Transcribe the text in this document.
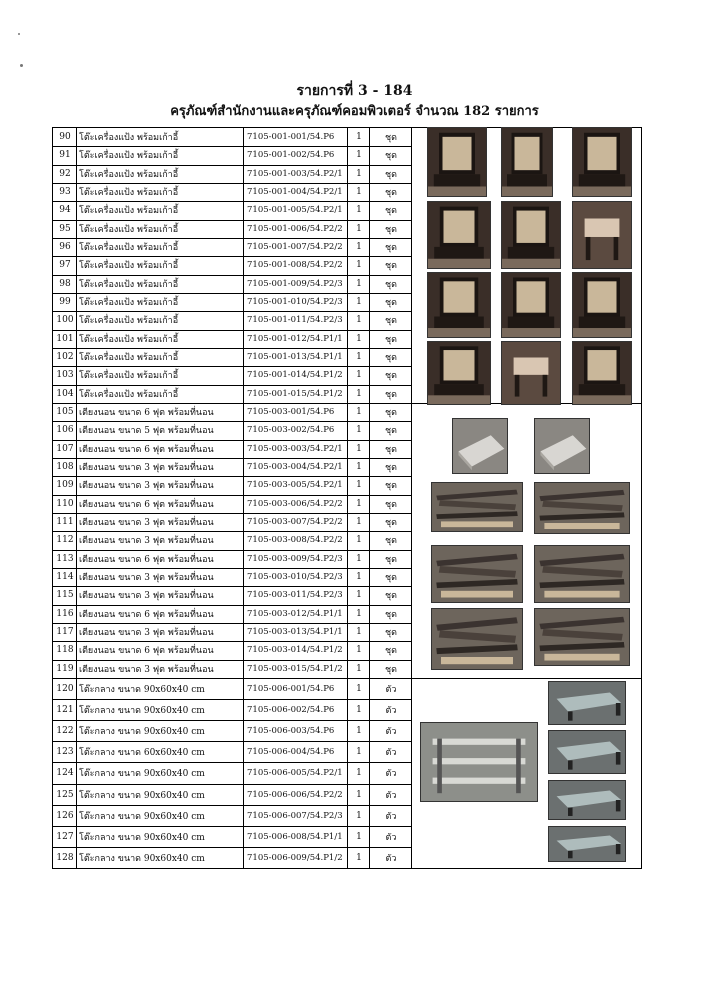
รายการที่ 3 - 184
ครุภัณฑ์สำนักงานและครุภัณฑ์คอมพิวเตอร์ จำนวณ 182 รายการ
90 โต๊ะเครื่องแป้ง พร้อมเก้าอี้	7105-001-001/54.P6	1	ชุด
91 โต๊ะเครื่องแป้ง พร้อมเก้าอี้	7105-001-002/54.P6	1	ชุด
92 โต๊ะเครื่องแป้ง พร้อมเก้าอี้	7105-001-003/54.P2/1	1	ชุด
93 โต๊ะเครื่องแป้ง พร้อมเก้าอี้	7105-001-004/54.P2/1	1	ชุด
94 โต๊ะเครื่องแป้ง พร้อมเก้าอี้	7105-001-005/54.P2/1	1	ชุด
95 โต๊ะเครื่องแป้ง พร้อมเก้าอี้	7105-001-006/54.P2/2	1	ชุด
96 โต๊ะเครื่องแป้ง พร้อมเก้าอี้	7105-001-007/54.P2/2	1	ชุด
97 โต๊ะเครื่องแป้ง พร้อมเก้าอี้	7105-001-008/54.P2/2	1	ชุด
98 โต๊ะเครื่องแป้ง พร้อมเก้าอี้	7105-001-009/54.P2/3	1	ชุด
99 โต๊ะเครื่องแป้ง พร้อมเก้าอี้	7105-001-010/54.P2/3	1	ชุด
100 โต๊ะเครื่องแป้ง พร้อมเก้าอี้	7105-001-011/54.P2/3	1	ชุด
101 โต๊ะเครื่องแป้ง พร้อมเก้าอี้	7105-001-012/54.P1/1	1	ชุด
102 โต๊ะเครื่องแป้ง พร้อมเก้าอี้	7105-001-013/54.P1/1	1	ชุด
103 โต๊ะเครื่องแป้ง พร้อมเก้าอี้	7105-001-014/54.P1/2	1	ชุด
104 โต๊ะเครื่องแป้ง พร้อมเก้าอี้	7105-001-015/54.P1/2	1	ชุด
105 เตียงนอน ขนาด 6 ฟุต พร้อมที่นอน	7105-003-001/54.P6	1	ชุด
106 เตียงนอน ขนาด 5 ฟุต พร้อมที่นอน	7105-003-002/54.P6	1	ชุด
107 เตียงนอน ขนาด 6 ฟุต พร้อมที่นอน	7105-003-003/54.P2/1	1	ชุด
108 เตียงนอน ขนาด 3 ฟุต พร้อมที่นอน	7105-003-004/54.P2/1	1	ชุด
109 เตียงนอน ขนาด 3 ฟุต พร้อมที่นอน	7105-003-005/54.P2/1	1	ชุด
110 เตียงนอน ขนาด 6 ฟุต พร้อมที่นอน	7105-003-006/54.P2/2	1	ชุด
111 เตียงนอน ขนาด 3 ฟุต พร้อมที่นอน	7105-003-007/54.P2/2	1	ชุด
112 เตียงนอน ขนาด 3 ฟุต พร้อมที่นอน	7105-003-008/54.P2/2	1	ชุด
113 เตียงนอน ขนาด 6 ฟุต พร้อมที่นอน	7105-003-009/54.P2/3	1	ชุด
114 เตียงนอน ขนาด 3 ฟุต พร้อมที่นอน	7105-003-010/54.P2/3	1	ชุด
115 เตียงนอน ขนาด 3 ฟุต พร้อมที่นอน	7105-003-011/54.P2/3	1	ชุด
116 เตียงนอน ขนาด 6 ฟุต พร้อมที่นอน	7105-003-012/54.P1/1	1	ชุด
117 เตียงนอน ขนาด 3 ฟุต พร้อมที่นอน	7105-003-013/54.P1/1	1	ชุด
118 เตียงนอน ขนาด 6 ฟุต พร้อมที่นอน	7105-003-014/54.P1/2	1	ชุด
119 เตียงนอน ขนาด 3 ฟุต พร้อมที่นอน	7105-003-015/54.P1/2	1	ชุด
120 โต๊ะกลาง ขนาด 90x60x40 cm	7105-006-001/54.P6	1	ตัว
121 โต๊ะกลาง ขนาด 90x60x40 cm	7105-006-002/54.P6	1	ตัว
122 โต๊ะกลาง ขนาด 90x60x40 cm	7105-006-003/54.P6	1	ตัว
123 โต๊ะกลาง ขนาด 60x60x40 cm	7105-006-004/54.P6	1	ตัว
124 โต๊ะกลาง ขนาด 90x60x40 cm	7105-006-005/54.P2/1	1	ตัว
125 โต๊ะกลาง ขนาด 90x60x40 cm	7105-006-006/54.P2/2	1	ตัว
126 โต๊ะกลาง ขนาด 90x60x40 cm	7105-006-007/54.P2/3	1	ตัว
127 โต๊ะกลาง ขนาด 90x60x40 cm	7105-006-008/54.P1/1	1	ตัว
128 โต๊ะกลาง ขนาด 90x60x40 cm	7105-006-009/54.P1/2	1	ตัว
